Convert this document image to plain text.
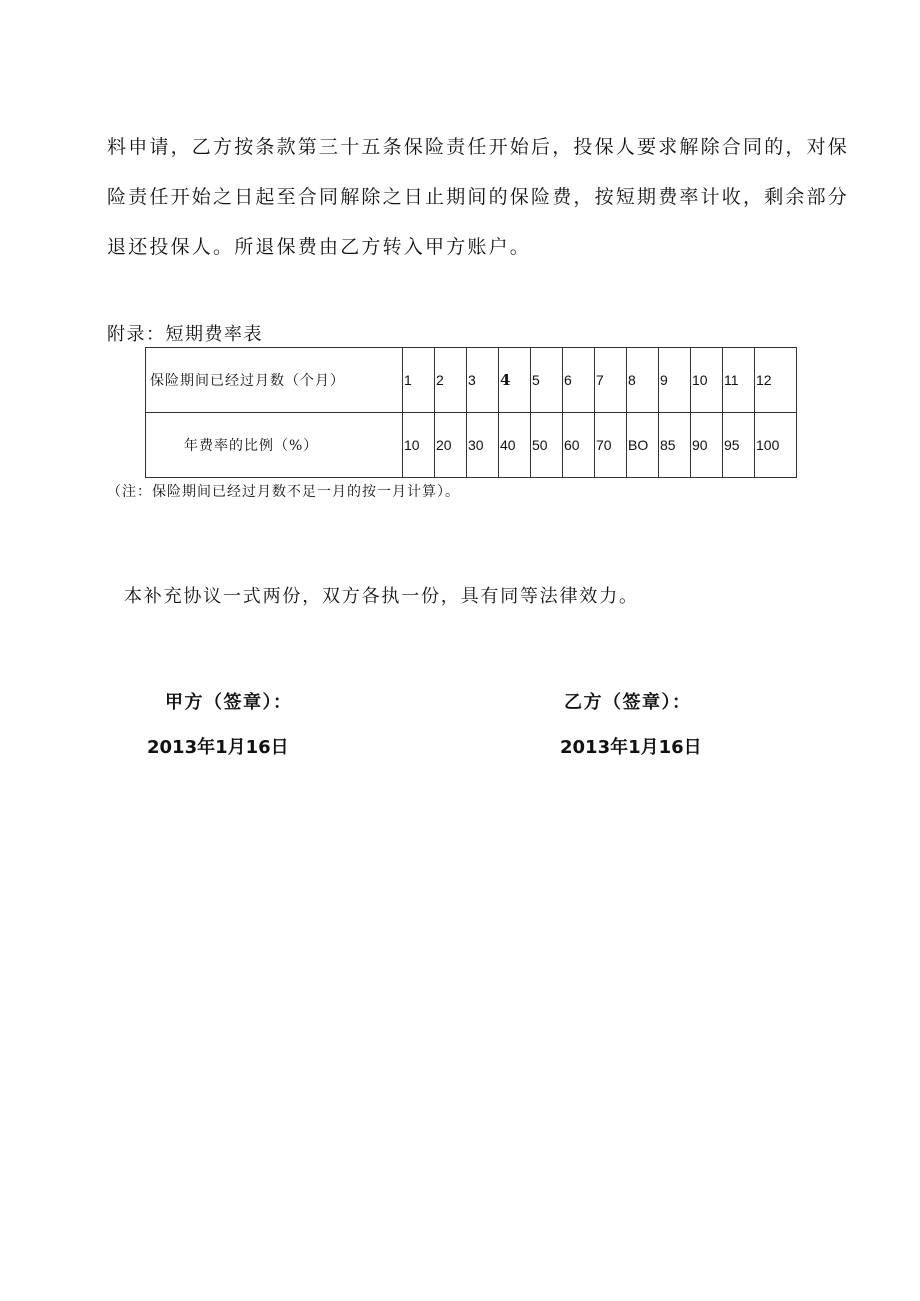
料申请，乙方按条款第三十五条保险责任开始后，投保人要求解除合同的，对保
险责任开始之日起至合同解除之日止期间的保险费，按短期费率计收，剩余部分
退还投保人。所退保费由乙方转入甲方账户。
附录：短期费率表
保险期间已经过月数（个月）	1	2	3	4	5	6	7	8	9	10	11	12
年费率的比例（%）	10	20	30	40	50	60	70	BO	85	90	95	100
（注：保险期间已经过月数不足一月的按一月计算）。
本补充协议一式两份，双方各执一份，具有同等法律效力。
甲方（签章）：	乙方（签章）：
2013年1月16日	2013年1月16日
